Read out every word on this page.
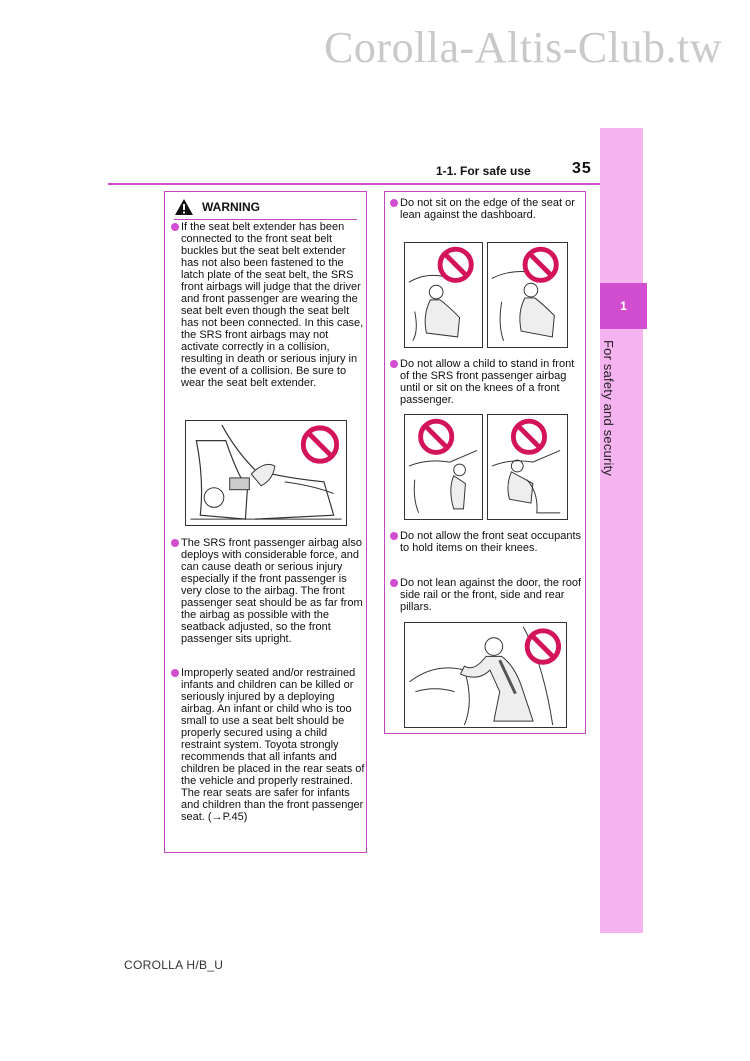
Corolla-Altis-Club.tw
1
For safety and security
1-1. For safe use	35
WARNING
If the seat belt extender has been connected to the front seat belt buckles but the seat belt extender has not also been fastened to the latch plate of the seat belt, the SRS front airbags will judge that the driver and front passenger are wearing the seat belt even though the seat belt has not been connected. In this case, the SRS front airbags may not activate correctly in a collision, resulting in death or serious injury in the event of a collision. Be sure to wear the seat belt extender.
The SRS front passenger airbag also deploys with considerable force, and can cause death or serious injury especially if the front passenger is very close to the airbag. The front passenger seat should be as far from the airbag as possible with the seatback adjusted, so the front passenger sits upright.
Improperly seated and/or restrained infants and children can be killed or seriously injured by a deploying airbag. An infant or child who is too small to use a seat belt should be properly secured using a child restraint system. Toyota strongly recommends that all infants and children be placed in the rear seats of the vehicle and properly restrained. The rear seats are safer for infants and children than the front passenger seat. (→P.45)
Do not sit on the edge of the seat or lean against the dashboard.
Do not allow a child to stand in front of the SRS front passenger airbag until or sit on the knees of a front passenger.
Do not allow the front seat occupants to hold items on their knees.
Do not lean against the door, the roof side rail or the front, side and rear pillars.
COROLLA H/B_U
